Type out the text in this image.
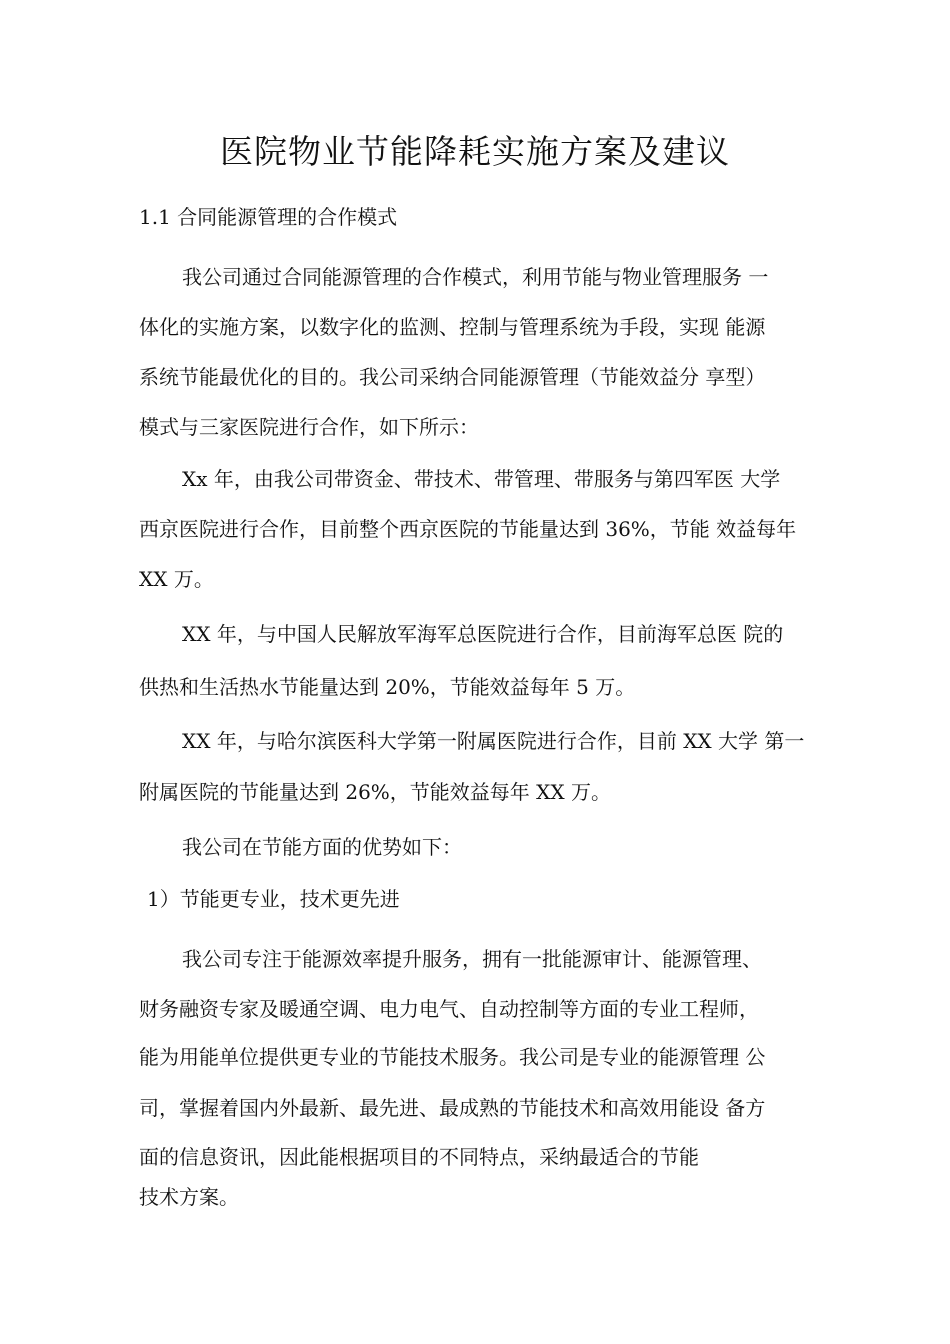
医院物业节能降耗实施方案及建议

1.1 合同能源管理的合作模式

我公司通过合同能源管理的合作模式，利用节能与物业管理服务 一

体化的实施方案，以数字化的监测、控制与管理系统为手段，实现 能源

系统节能最优化的目的。我公司采纳合同能源管理（节能效益分 享型）

模式与三家医院进行合作，如下所示：

Xx 年，由我公司带资金、带技术、带管理、带服务与第四军医 大学

西京医院进行合作，目前整个西京医院的节能量达到 36%，节能 效益每年

XX 万。

XX 年，与中国人民解放军海军总医院进行合作，目前海军总医 院的

供热和生活热水节能量达到 20%，节能效益每年 5 万。

XX 年，与哈尔滨医科大学第一附属医院进行合作，目前 XX 大学 第一

附属医院的节能量达到 26%，节能效益每年 XX 万。

我公司在节能方面的优势如下：

1）节能更专业，技术更先进

我公司专注于能源效率提升服务，拥有一批能源审计、能源管理、

财务融资专家及暖通空调、电力电气、自动控制等方面的专业工程师，

能为用能单位提供更专业的节能技术服务。我公司是专业的能源管理 公

司，掌握着国内外最新、最先进、最成熟的节能技术和高效用能设 备方

面的信息资讯，因此能根据项目的不同特点，采纳最适合的节能

技术方案。
